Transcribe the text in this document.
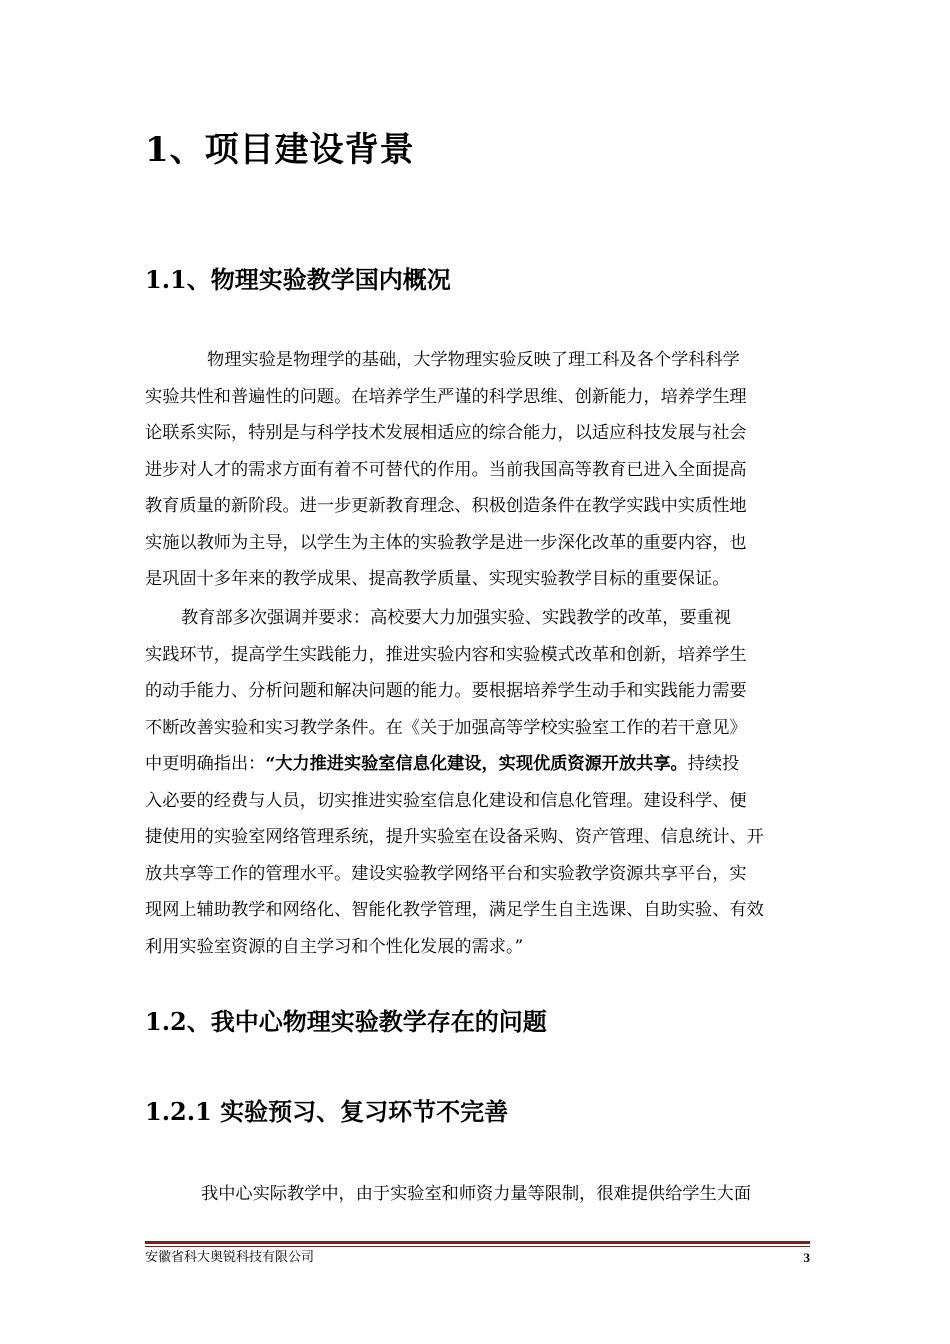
1、项目建设背景
1.1、物理实验教学国内概况
物理实验是物理学的基础，大学物理实验反映了理工科及各个学科科学
实验共性和普遍性的问题。在培养学生严谨的科学思维、创新能力，培养学生理
论联系实际，特别是与科学技术发展相适应的综合能力，以适应科技发展与社会
进步对人才的需求方面有着不可替代的作用。当前我国高等教育已进入全面提高
教育质量的新阶段。进一步更新教育理念、积极创造条件在教学实践中实质性地
实施以教师为主导，以学生为主体的实验教学是进一步深化改革的重要内容，也
是巩固十多年来的教学成果、提高教学质量、实现实验教学目标的重要保证。
教育部多次强调并要求：高校要大力加强实验、实践教学的改革，要重视
实践环节，提高学生实践能力，推进实验内容和实验模式改革和创新，培养学生
的动手能力、分析问题和解决问题的能力。要根据培养学生动手和实践能力需要
不断改善实验和实习教学条件。在《关于加强高等学校实验室工作的若干意见》
中更明确指出：“大力推进实验室信息化建设，实现优质资源开放共享。持续投
入必要的经费与人员，切实推进实验室信息化建设和信息化管理。建设科学、便
捷使用的实验室网络管理系统，提升实验室在设备采购、资产管理、信息统计、开
放共享等工作的管理水平。建设实验教学网络平台和实验教学资源共享平台，实
现网上辅助教学和网络化、智能化教学管理，满足学生自主选课、自助实验、有效
利用实验室资源的自主学习和个性化发展的需求。”
1.2、我中心物理实验教学存在的问题
1.2.1 实验预习、复习环节不完善
我中心实际教学中，由于实验室和师资力量等限制，很难提供给学生大面
安徽省科大奥锐科技有限公司	3
